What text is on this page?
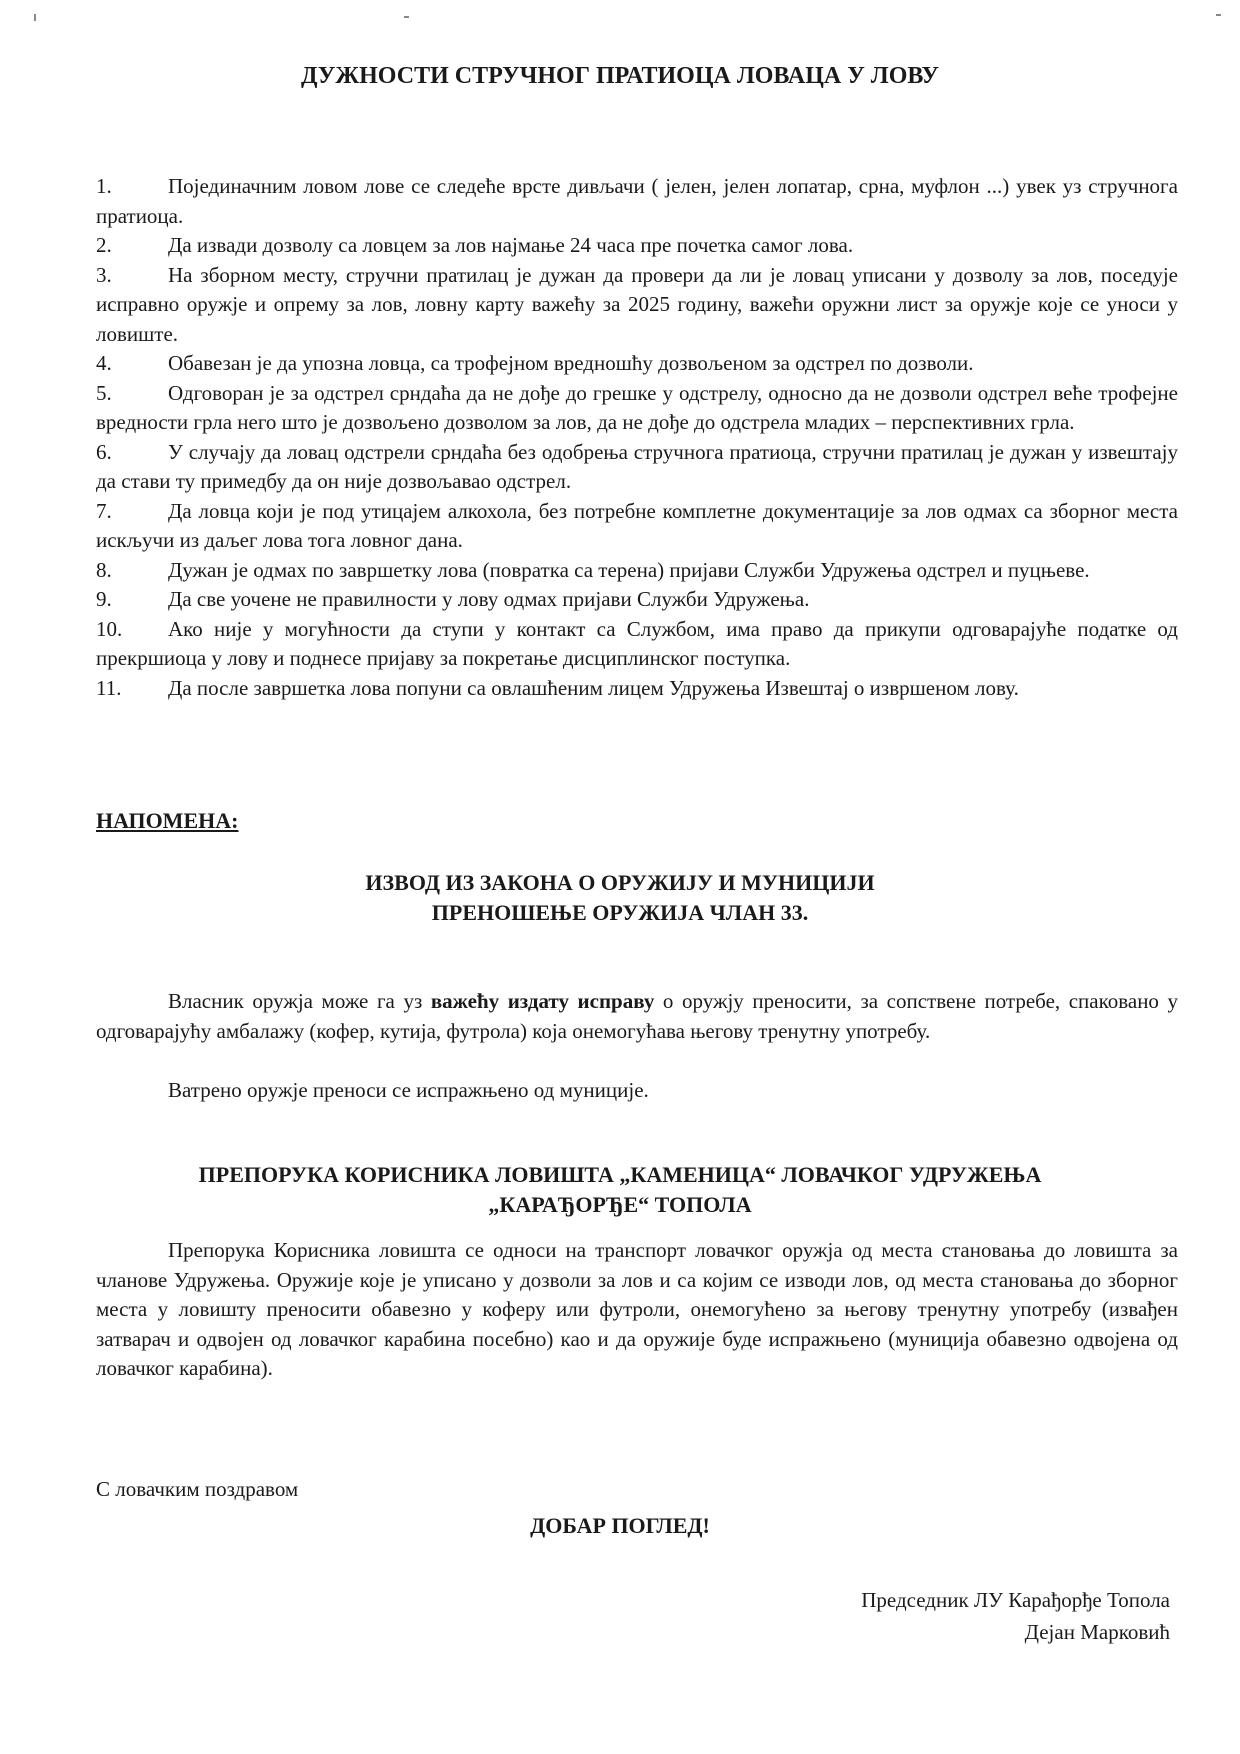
ДУЖНОСТИ СТРУЧНОГ ПРАТИОЦА ЛОВАЦА У ЛОВУ

1.	Појединачним ловом лове се следеће врсте дивљачи ( јелен, јелен лопатар, срна, муфлон ...) увек уз стручнога пратиоца.

2.	Да извади дозволу са ловцем за лов најмање 24 часа пре почетка самог лова.

3.	На зборном месту, стручни пратилац је дужан да провери да ли је ловац уписани у дозволу за лов, поседује исправно оружје и опрему за лов, ловну карту важећу за 2025 годину, важећи оружни лист за оружје које се уноси у ловиште.

4.	Обавезан је да упозна ловца, са трофејном вредношћу дозвољеном за одстрел по дозволи.

5.	Одговоран је за одстрел срндаћа да не дође до грешке у одстрелу, односно да не дозволи одстрел веће трофејне вредности грла него што је дозвољено дозволом за лов, да не дође до одстрела младих – перспективних грла.

6.	У случају да ловац одстрели срндаћа без одобрења стручнога пратиоца, стручни пратилац је дужан у извештају да стави ту примедбу да он није дозвољавао одстрел.

7.	Да ловца који је под утицајем алкохола, без потребне комплетне документације за лов одмах са зборног места искључи из даљег лова тога ловног дана.

8.	Дужан је одмах по завршетку лова (повратка са терена) пријави Служби Удружења одстрел и пуцњеве.

9.	Да све уочене не правилности у лову одмах пријави Служби Удружења.

10. Ако није у могућности да ступи у контакт са Службом, има право да прикупи одговарајуће податке од прекршиоца у лову и поднесе пријаву за покретање дисциплинског поступка.

11. Да после завршетка лова попуни са овлашћеним лицем Удружења Извештај о извршеном лову.

НАПОМЕНА:
ИЗВОД ИЗ ЗАКОНА О ОРУЖИЈУ И МУНИЦИЈИ
ПРЕНОШЕЊЕ ОРУЖИЈА ЧЛАН 33.
Власник оружја може га уз важећу издату исправу о оружју преносити, за сопствене потребе, спаковано у одговарајућу амбалажу (кофер, кутија, футрола) која онемогућава његову тренутну употребу.
Ватрено оружје преноси се испражњено од муниције.
ПРЕПОРУКА КОРИСНИКА ЛОВИШТА „КАМЕНИЦА“ ЛОВАЧКОГ УДРУЖЕЊА
„КАРАЂОРЂЕ“ ТОПОЛА
Препорука Корисника ловишта се односи на транспорт ловачког оружја од места становања до ловишта за чланове Удружења. Оружије које је уписано у дозволи за лов и са којим се изводи лов, од места становања до зборног места у ловишту преносити обавезно у коферу или футроли, онемогућено за његову тренутну употребу (извађен затварач и одвојен од ловачког карабина посебно) као и да оружије буде испражњено (муниција обавезно одвојена од ловачког карабина).
С ловачким поздравом
ДОБАР ПОГЛЕД!
Председник ЛУ Карађорђе Топола
Дејан Марковић
